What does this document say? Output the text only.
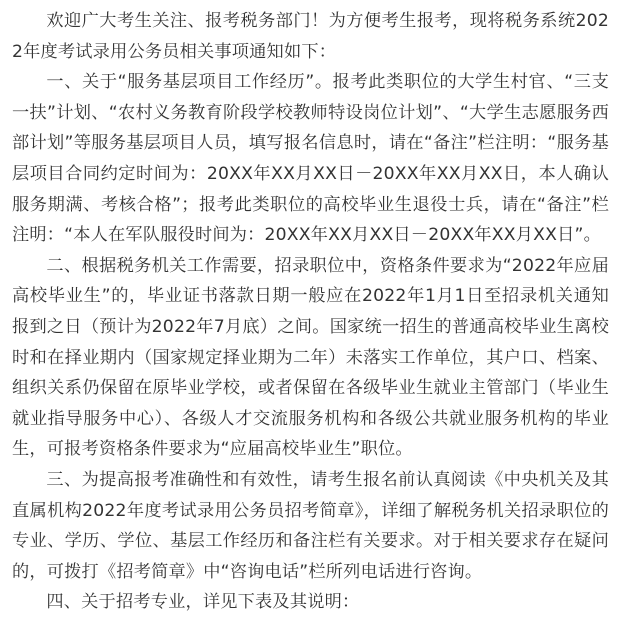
欢迎广大考生关注、报考税务部门！为方便考生报考，现将税务系统2022年度考试录用公务员相关事项通知如下：

一、关于“服务基层项目工作经历”。报考此类职位的大学生村官、“三支一扶”计划、“农村义务教育阶段学校教师特设岗位计划”、“大学生志愿服务西部计划”等服务基层项目人员，填写报名信息时，请在“备注”栏注明：“服务基层项目合同约定时间为：20XX年XX月XX日－20XX年XX月XX日，本人确认服务期满、考核合格”；报考此类职位的高校毕业生退役士兵，请在“备注”栏注明：“本人在军队服役时间为：20XX年XX月XX日－20XX年XX月XX日”。

二、根据税务机关工作需要，招录职位中，资格条件要求为“2022年应届高校毕业生”的，毕业证书落款日期一般应在2022年1月1日至招录机关通知报到之日（预计为2022年7月底）之间。国家统一招生的普通高校毕业生离校时和在择业期内（国家规定择业期为二年）未落实工作单位，其户口、档案、组织关系仍保留在原毕业学校，或者保留在各级毕业生就业主管部门（毕业生就业指导服务中心）、各级人才交流服务机构和各级公共就业服务机构的毕业生，可报考资格条件要求为“应届高校毕业生”职位。

三、为提高报考准确性和有效性，请考生报名前认真阅读《中央机关及其直属机构2022年度考试录用公务员招考简章》，详细了解税务机关招录职位的专业、学历、学位、基层工作经历和备注栏有关要求。对于相关要求存在疑问的，可拨打《招考简章》中“咨询电话”栏所列电话进行咨询。

四、关于招考专业，详见下表及其说明：
